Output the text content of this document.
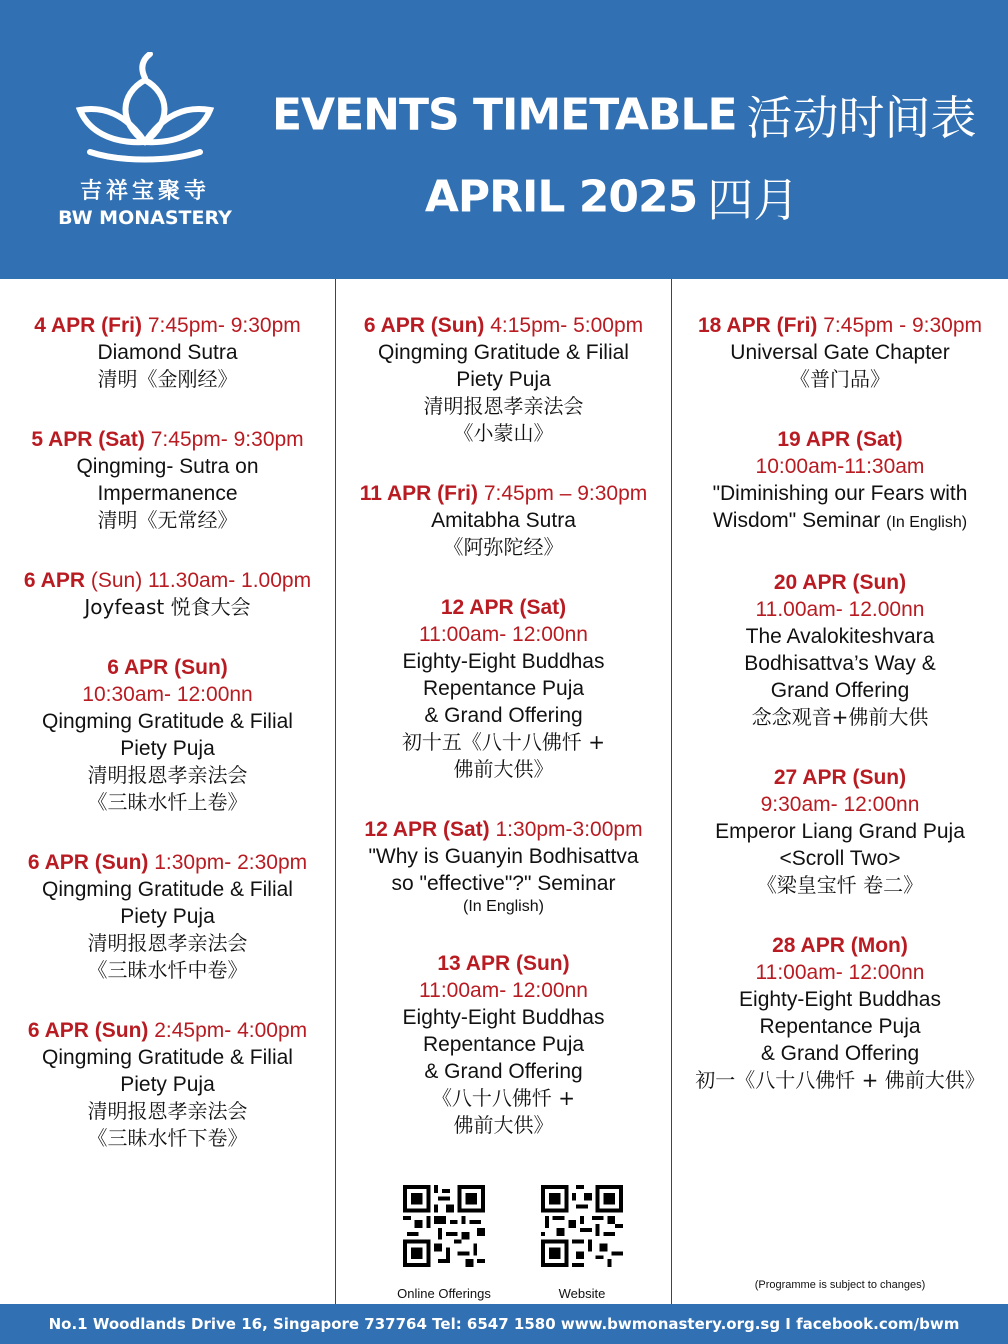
吉祥宝聚寺
BW MONASTERY
EVENTS TIMETABLE 活动时间表
APRIL 2025 四月
4 APR (Fri) 7:45pm- 9:30pm
Diamond Sutra
清明《金刚经》
5 APR (Sat) 7:45pm- 9:30pm
Qingming- Sutra on
Impermanence
清明《无常经》
6 APR (Sun) 11.30am- 1.00pm
Joyfeast 悦食大会
6 APR (Sun)
10:30am- 12:00nn
Qingming Gratitude & Filial
Piety Puja
清明报恩孝亲法会
《三昧水忏上卷》
6 APR (Sun) 1:30pm- 2:30pm
Qingming Gratitude & Filial
Piety Puja
清明报恩孝亲法会
《三昧水忏中卷》
6 APR (Sun) 2:45pm- 4:00pm
Qingming Gratitude & Filial
Piety Puja
清明报恩孝亲法会
《三昧水忏下卷》
6 APR (Sun) 4:15pm- 5:00pm
Qingming Gratitude & Filial
Piety Puja
清明报恩孝亲法会
《小蒙山》
11 APR (Fri) 7:45pm – 9:30pm
Amitabha Sutra
《阿弥陀经》
12 APR (Sat)
11:00am- 12:00nn
Eighty-Eight Buddhas
Repentance Puja
& Grand Offering
初十五《八十八佛忏 +
佛前大供》
12 APR (Sat) 1:30pm-3:00pm
"Why is Guanyin Bodhisattva
so "effective"?" Seminar
(In English)
13 APR (Sun)
11:00am- 12:00nn
Eighty-Eight Buddhas
Repentance Puja
& Grand Offering
《八十八佛忏 +
佛前大供》
Online Offerings	Website
18 APR (Fri) 7:45pm - 9:30pm
Universal Gate Chapter
《普门品》
19 APR (Sat)
10:00am-11:30am
"Diminishing our Fears with
Wisdom" Seminar (In English)
20 APR (Sun)
11.00am- 12.00nn
The Avalokiteshvara
Bodhisattva’s Way &
Grand Offering
念念观音+佛前大供
27 APR (Sun)
9:30am- 12:00nn
Emperor Liang Grand Puja
<Scroll Two>
《梁皇宝忏 卷二》
28 APR (Mon)
11:00am- 12:00nn
Eighty-Eight Buddhas
Repentance Puja
& Grand Offering
初一《八十八佛忏 + 佛前大供》
(Programme is subject to changes)
No.1 Woodlands Drive 16, Singapore 737764 Tel: 6547 1580 www.bwmonastery.org.sg I facebook.com/bwm
